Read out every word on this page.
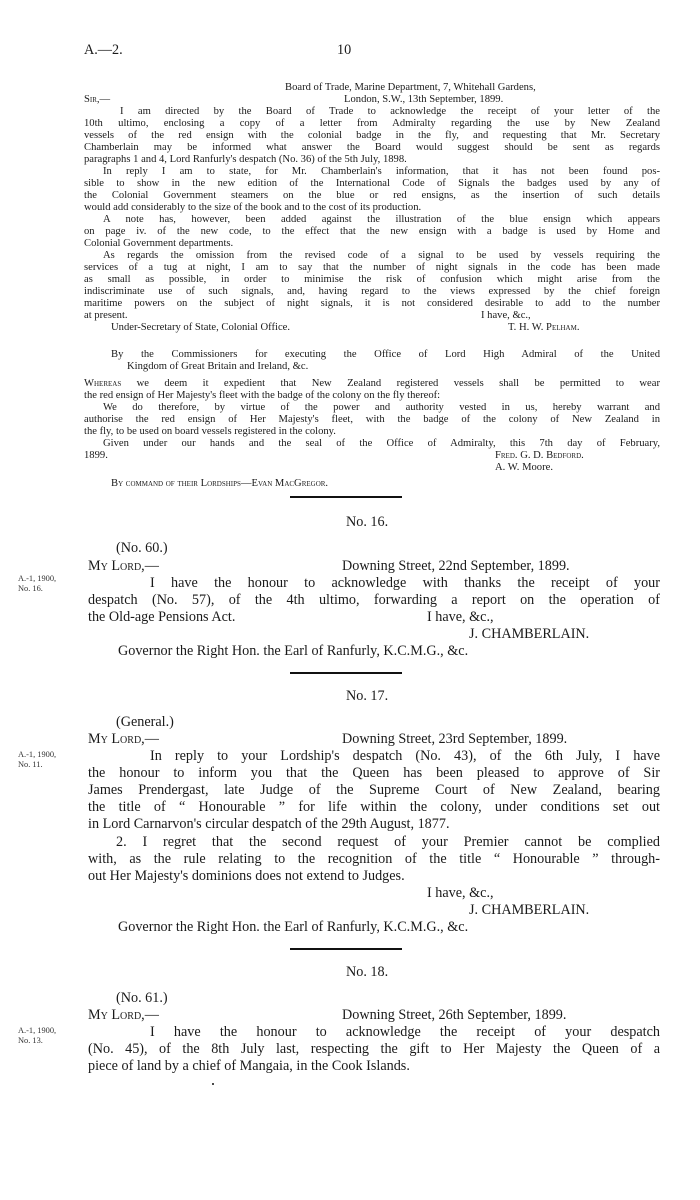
A.—2.	10
Board of Trade, Marine Department, 7, Whitehall Gardens,
Sir,—	London, S.W., 13th September, 1899.
I am directed by the Board of Trade to acknowledge the receipt of your letter of the
10th ultimo, enclosing a copy of a letter from Admiralty regarding the use by New Zealand
vessels of the red ensign with the colonial badge in the fly, and requesting that Mr. Secretary
Chamberlain may be informed what answer the Board would suggest should be sent as regards
paragraphs 1 and 4, Lord Ranfurly's despatch (No. 36) of the 5th July, 1898.
In reply I am to state, for Mr. Chamberlain's information, that it has not been found pos-
sible to show in the new edition of the International Code of Signals the badges used by any of
the Colonial Government steamers on the blue or red ensigns, as the insertion of such details
would add considerably to the size of the book and to the cost of its production.
A note has, however, been added against the illustration of the blue ensign which appears
on page iv. of the new code, to the effect that the new ensign with a badge is used by Home and
Colonial Government departments.
As regards the omission from the revised code of a signal to be used by vessels requiring the
services of a tug at night, I am to say that the number of night signals in the code has been made
as small as possible, in order to minimise the risk of confusion which might arise from the
indiscriminate use of such signals, and, having regard to the views expressed by the chief foreign
maritime powers on the subject of night signals, it is not considered desirable to add to the number
at present.	I have, &c.,
Under-Secretary of State, Colonial Office.	T. H. W. Pelham.
By the Commissioners for executing the Office of Lord High Admiral of the United
Kingdom of Great Britain and Ireland, &c.
Whereas we deem it expedient that New Zealand registered vessels shall be permitted to wear
the red ensign of Her Majesty's fleet with the badge of the colony on the fly thereof:
We do therefore, by virtue of the power and authority vested in us, hereby warrant and
authorise the red ensign of Her Majesty's fleet, with the badge of the colony of New Zealand in
the fly, to be used on board vessels registered in the colony.
Given under our hands and the seal of the Office of Admiralty, this 7th day of February,
1899.	Fred. G. D. Bedford.
A. W. Moore.
By command of their Lordships—Evan MacGregor.
No. 16.
(No. 60.)
My Lord,—	Downing Street, 22nd September, 1899.
A.-1, 1900,
No. 16.	I have the honour to acknowledge with thanks the receipt of your
despatch (No. 57), of the 4th ultimo, forwarding a report on the operation of
the Old-age Pensions Act.	I have, &c.,
J. CHAMBERLAIN.
Governor the Right Hon. the Earl of Ranfurly, K.C.M.G., &c.
No. 17.
(General.)
My Lord,—	Downing Street, 23rd September, 1899.
A.-1, 1900,
No. 11.
In reply to your Lordship's despatch (No. 43), of the 6th July, I have
the honour to inform you that the Queen has been pleased to approve of Sir
James Prendergast, late Judge of the Supreme Court of New Zealand, bearing
the title of “ Honourable ” for life within the colony, under conditions set out
in Lord Carnarvon's circular despatch of the 29th August, 1877.
2. I regret that the second request of your Premier cannot be complied
with, as the rule relating to the recognition of the title “ Honourable ” through-
out Her Majesty's dominions does not extend to Judges.
I have, &c.,
J. CHAMBERLAIN.
Governor the Right Hon. the Earl of Ranfurly, K.C.M.G., &c.
No. 18.
(No. 61.)
My Lord,—	Downing Street, 26th September, 1899.
A.-1, 1900,
No. 13.
I have the honour to acknowledge the receipt of your despatch
(No. 45), of the 8th July last, respecting the gift to Her Majesty the Queen of a
piece of land by a chief of Mangaia, in the Cook Islands.
